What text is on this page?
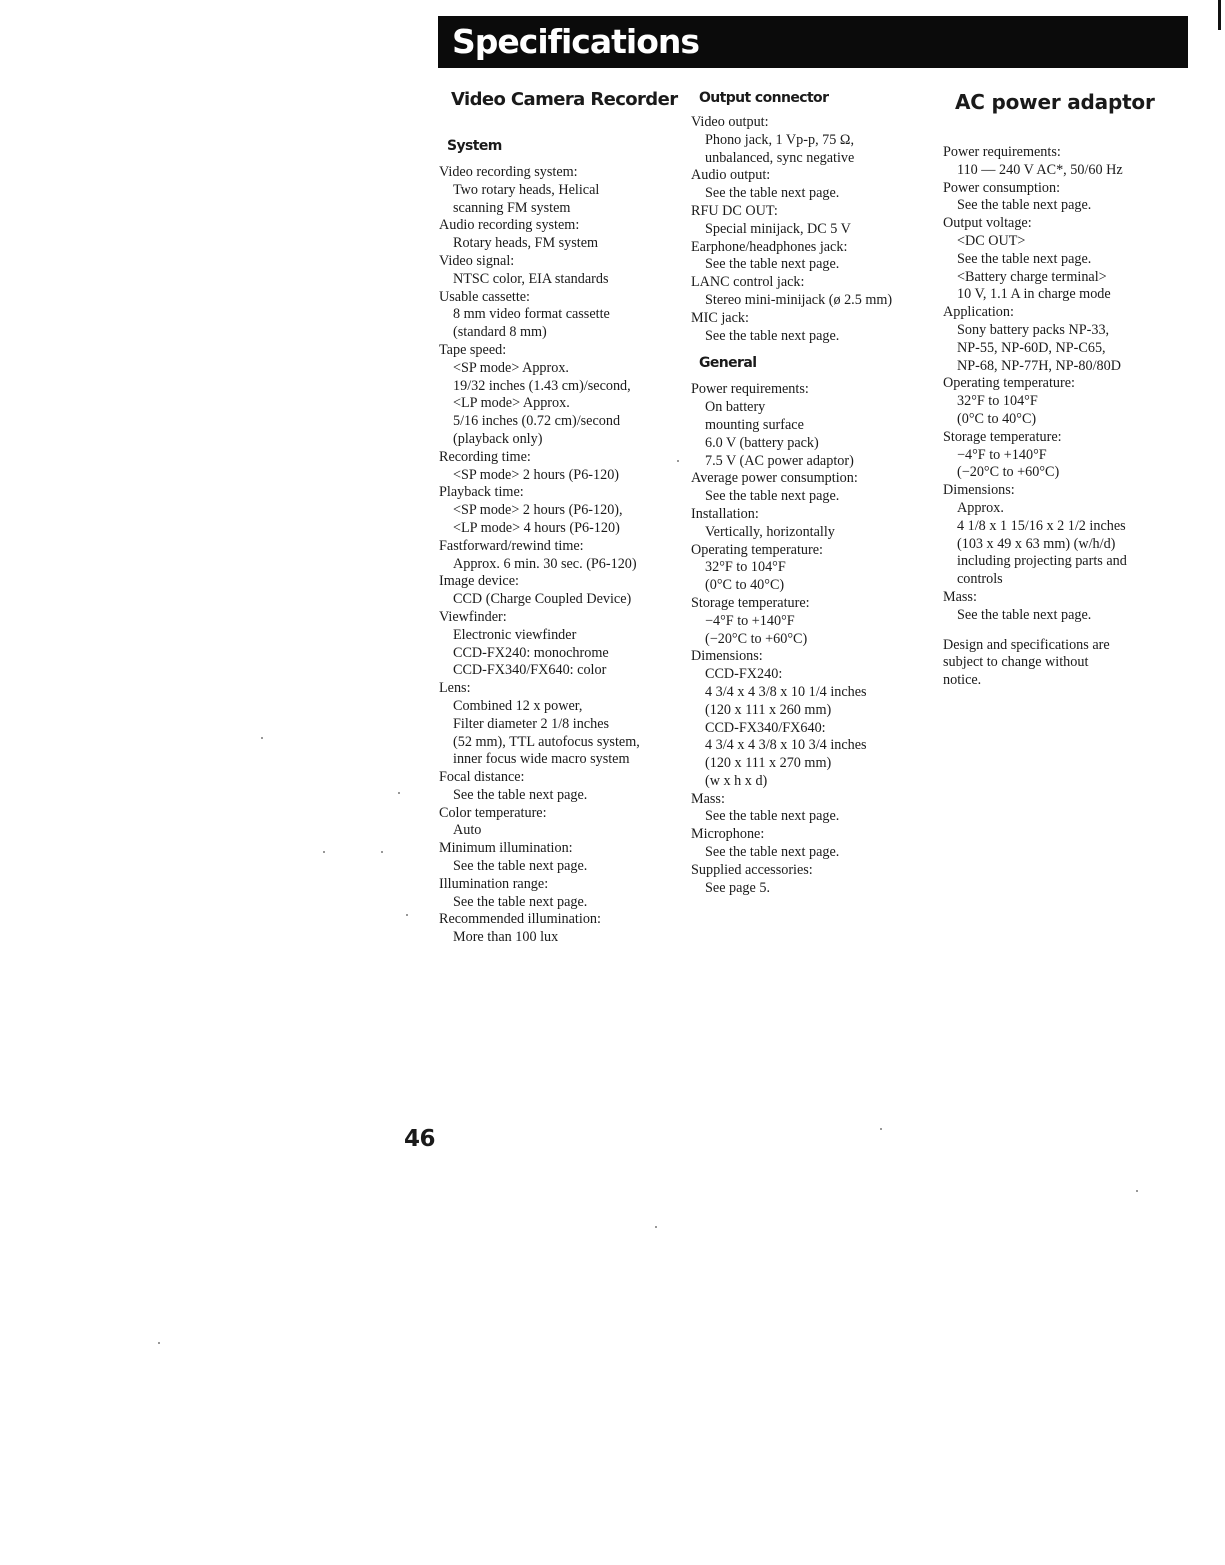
Specifications
Video Camera Recorder
System
Video recording system:
Two rotary heads, Helical
scanning FM system
Audio recording system:
Rotary heads, FM system
Video signal:
NTSC color, EIA standards
Usable cassette:
8 mm video format cassette
(standard 8 mm)
Tape speed:
<SP mode> Approx.
19/32 inches (1.43 cm)/second,
<LP mode> Approx.
5/16 inches (0.72 cm)/second
(playback only)
Recording time:
<SP mode> 2 hours (P6-120)
Playback time:
<SP mode> 2 hours (P6-120),
<LP mode> 4 hours (P6-120)
Fastforward/rewind time:
Approx. 6 min. 30 sec. (P6-120)
Image device:
CCD (Charge Coupled Device)
Viewfinder:
Electronic viewfinder
CCD-FX240: monochrome
CCD-FX340/FX640: color
Lens:
Combined 12 x power,
Filter diameter 2 1/8 inches
(52 mm), TTL autofocus system,
inner focus wide macro system
Focal distance:
See the table next page.
Color temperature:
Auto
Minimum illumination:
See the table next page.
Illumination range:
See the table next page.
Recommended illumination:
More than 100 lux
Output connector
Video output:
Phono jack, 1 Vp-p, 75 Ω,
unbalanced, sync negative
Audio output:
See the table next page.
RFU DC OUT:
Special minijack, DC 5 V
Earphone/headphones jack:
See the table next page.
LANC control jack:
Stereo mini-minijack (ø 2.5 mm)
MIC jack:
See the table next page.
General
Power requirements:
On battery
mounting surface
6.0 V (battery pack)
7.5 V (AC power adaptor)
Average power consumption:
See the table next page.
Installation:
Vertically, horizontally
Operating temperature:
32°F to 104°F
(0°C to 40°C)
Storage temperature:
−4°F to +140°F
(−20°C to +60°C)
Dimensions:
CCD-FX240:
4 3/4 x 4 3/8 x 10 1/4 inches
(120 x 111 x 260 mm)
CCD-FX340/FX640:
4 3/4 x 4 3/8 x 10 3/4 inches
(120 x 111 x 270 mm)
(w x h x d)
Mass:
See the table next page.
Microphone:
See the table next page.
Supplied accessories:
See page 5.
AC power adaptor
Power requirements:
110 — 240 V AC*, 50/60 Hz
Power consumption:
See the table next page.
Output voltage:
<DC OUT>
See the table next page.
<Battery charge terminal>
10 V, 1.1 A in charge mode
Application:
Sony battery packs NP-33,
NP-55, NP-60D, NP-C65,
NP-68, NP-77H, NP-80/80D
Operating temperature:
32°F to 104°F
(0°C to 40°C)
Storage temperature:
−4°F to +140°F
(−20°C to +60°C)
Dimensions:
Approx.
4 1/8 x 1 15/16 x 2 1/2 inches
(103 x 49 x 63 mm) (w/h/d)
including projecting parts and
controls
Mass:
See the table next page.
Design and specifications are
subject to change without
notice.
46
